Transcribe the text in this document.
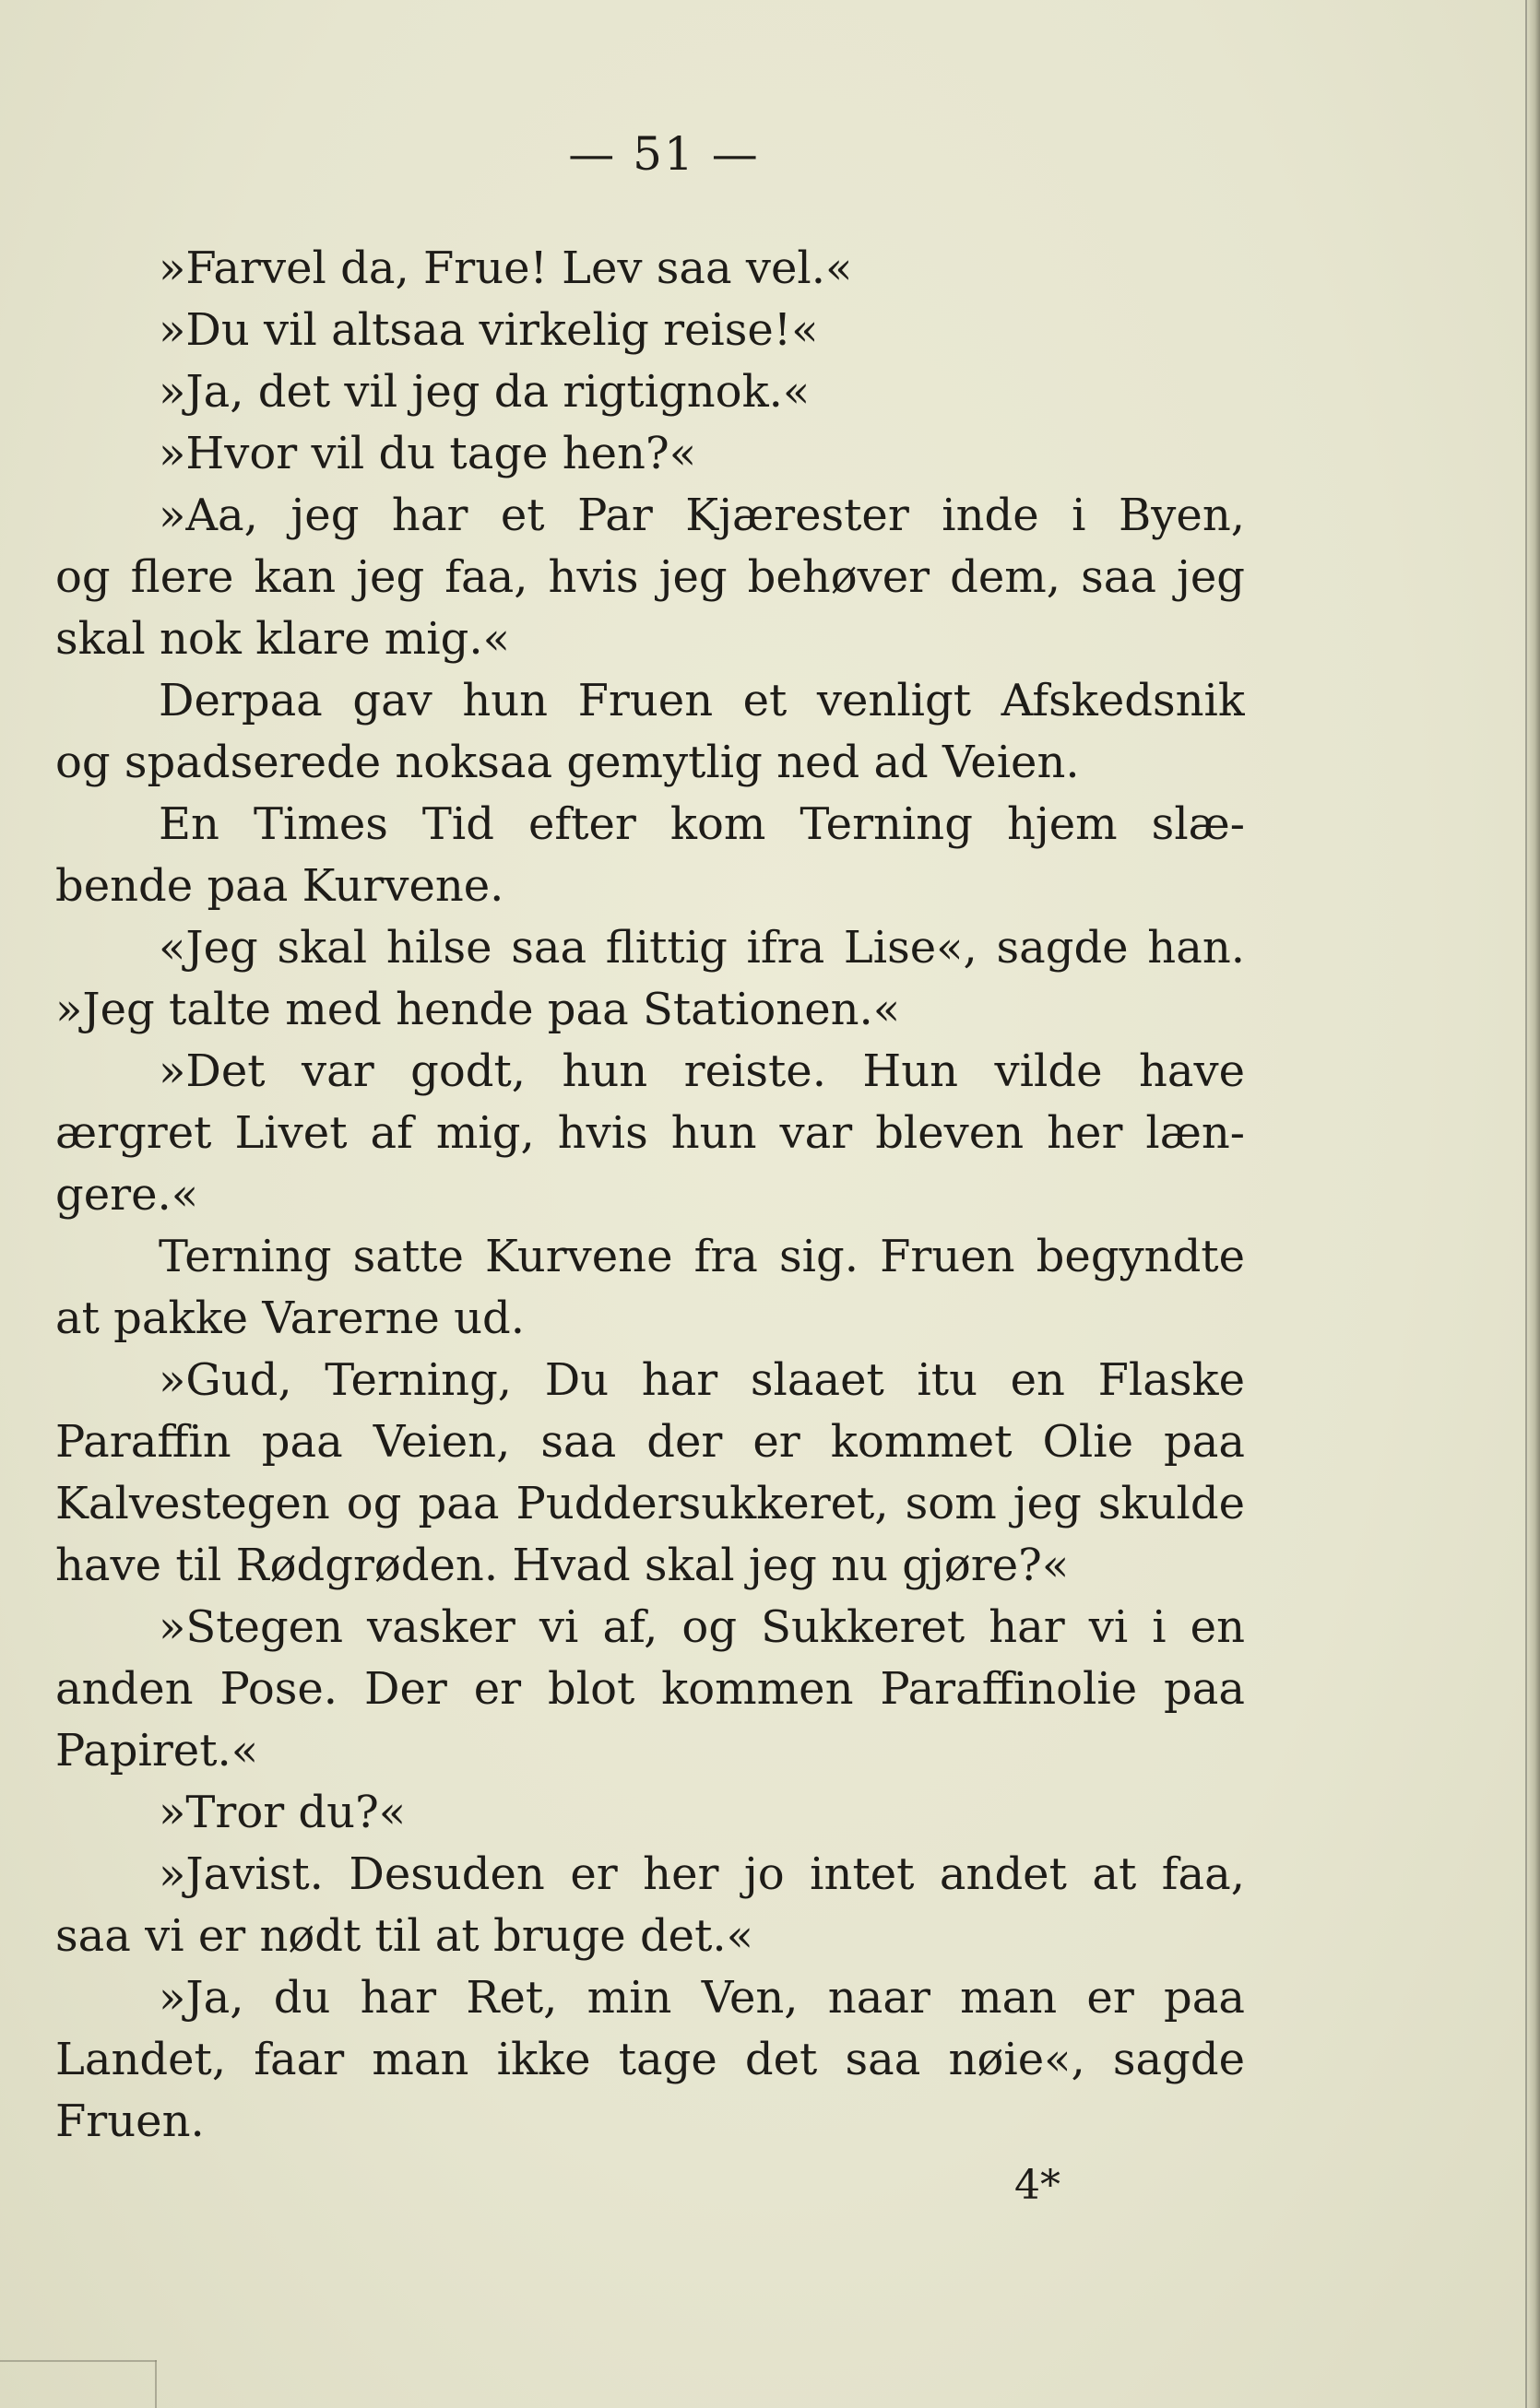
— 51 —
»Farvel da, Frue! Lev saa vel.«
»Du vil altsaa virkelig reise!«
»Ja, det vil jeg da rigtignok.«
»Hvor vil du tage hen?«
»Aa, jeg har et Par Kjærester inde i Byen,
og flere kan jeg faa, hvis jeg behøver dem, saa jeg
skal nok klare mig.«
Derpaa gav hun Fruen et venligt Afskedsnik
og spadserede noksaa gemytlig ned ad Veien.
En Times Tid efter kom Terning hjem slæ-
bende paa Kurvene.
«Jeg skal hilse saa flittig ifra Lise«, sagde han.
»Jeg talte med hende paa Stationen.«
»Det var godt, hun reiste. Hun vilde have
ærgret Livet af mig, hvis hun var bleven her læn-
gere.«
Terning satte Kurvene fra sig. Fruen begyndte
at pakke Varerne ud.
»Gud, Terning, Du har slaaet itu en Flaske
Paraffin paa Veien, saa der er kommet Olie paa
Kalvestegen og paa Puddersukkeret, som jeg skulde
have til Rødgrøden. Hvad skal jeg nu gjøre?«
»Stegen vasker vi af, og Sukkeret har vi i en
anden Pose. Der er blot kommen Paraffinolie paa
Papiret.«
»Tror du?«
»Javist. Desuden er her jo intet andet at faa,
saa vi er nødt til at bruge det.«
»Ja, du har Ret, min Ven, naar man er paa
Landet, faar man ikke tage det saa nøie«, sagde
Fruen.
4*
